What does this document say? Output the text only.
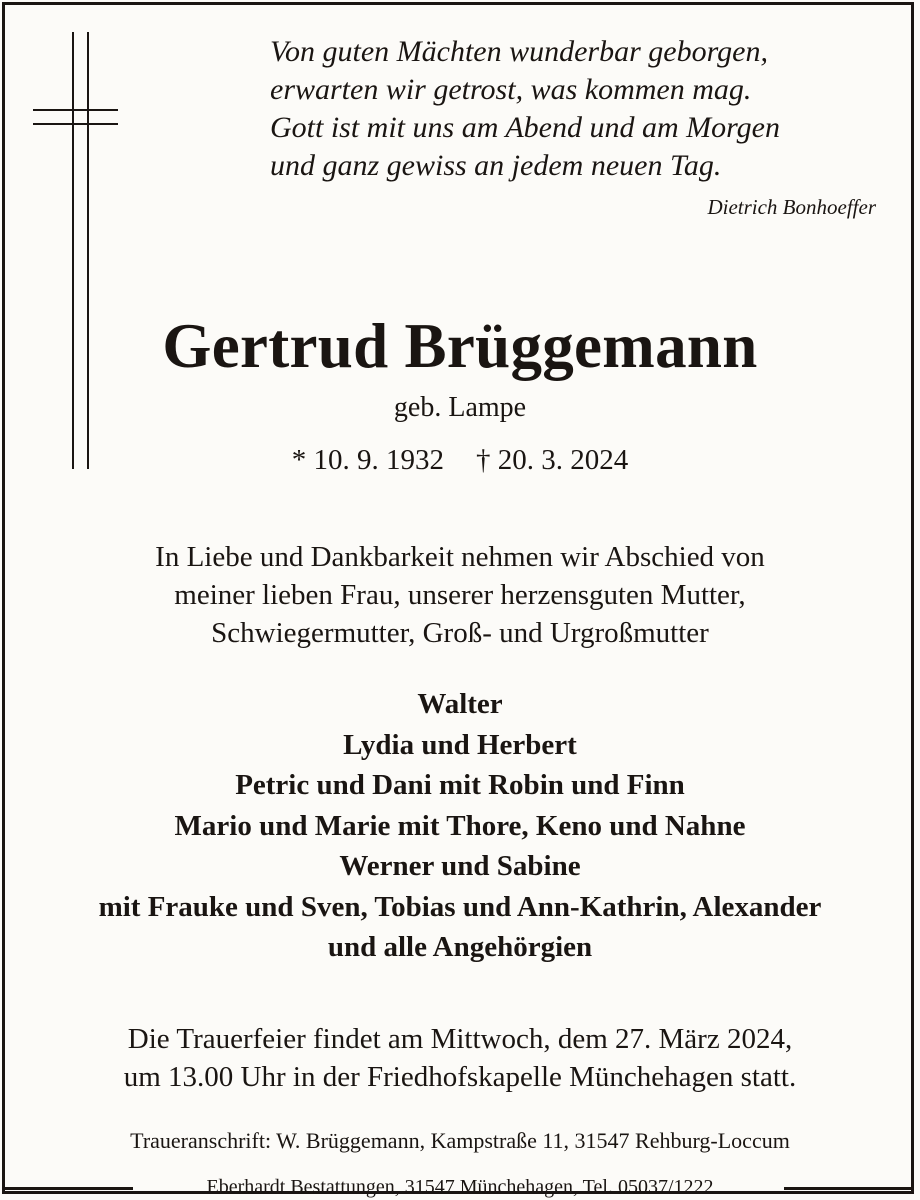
Von guten Mächten wunderbar geborgen,
erwarten wir getrost, was kommen mag.
Gott ist mit uns am Abend und am Morgen
und ganz gewiss an jedem neuen Tag.
Dietrich Bonhoeffer
Gertrud Brüggemann
geb. Lampe
* 10. 9. 1932 † 20. 3. 2024
In Liebe und Dankbarkeit nehmen wir Abschied von
meiner lieben Frau, unserer herzensguten Mutter,
Schwiegermutter, Groß- und Urgroßmutter
Walter
Lydia und Herbert
Petric und Dani mit Robin und Finn
Mario und Marie mit Thore, Keno und Nahne
Werner und Sabine
mit Frauke und Sven, Tobias und Ann-Kathrin, Alexander
und alle Angehörgien
Die Trauerfeier findet am Mittwoch, dem 27. März 2024,
um 13.00 Uhr in der Friedhofskapelle Münchehagen statt.
Traueranschrift: W. Brüggemann, Kampstraße 11, 31547 Rehburg-Loccum
Eberhardt Bestattungen, 31547 Münchehagen, Tel. 05037/1222
